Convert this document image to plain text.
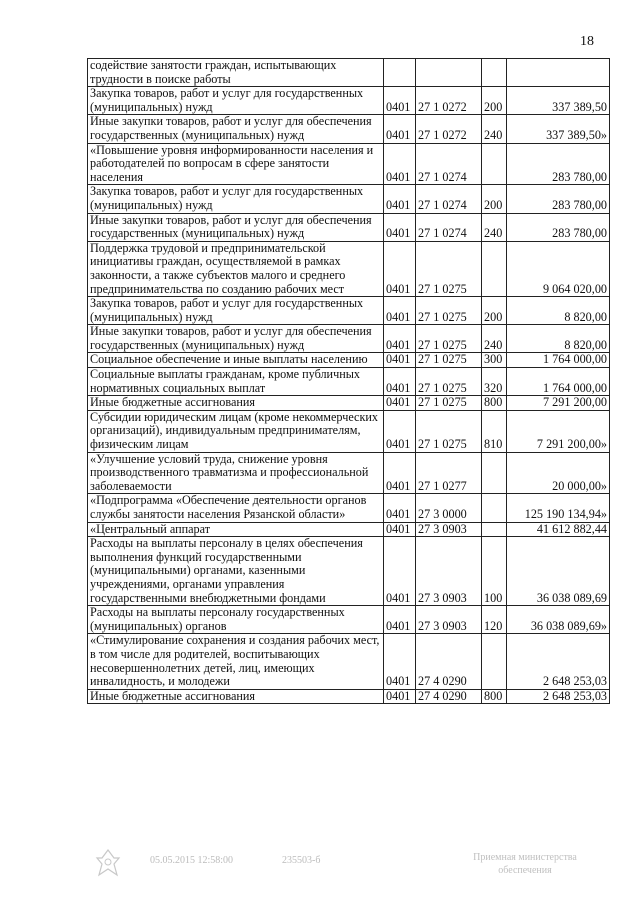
18
содействие занятости граждан, испытывающих трудности в поиске работы				
Закупка товаров, работ и услуг для государственных (муниципальных) нужд	0401	27 1 0272	200	337 389,50
Иные закупки товаров, работ и услуг для обеспечения государственных (муниципальных) нужд	0401	27 1 0272	240	337 389,50»
«Повышение уровня информированности населения и работодателей по вопросам в сфере занятости населения	0401	27 1 0274		283 780,00
Закупка товаров, работ и услуг для государственных (муниципальных) нужд	0401	27 1 0274	200	283 780,00
Иные закупки товаров, работ и услуг для обеспечения государственных (муниципальных) нужд	0401	27 1 0274	240	283 780,00
Поддержка трудовой и предпринимательской инициативы граждан, осуществляемой в рамках законности, а также субъектов малого и среднего предпринимательства по созданию рабочих мест	0401	27 1 0275		9 064 020,00
Закупка товаров, работ и услуг для государственных (муниципальных) нужд	0401	27 1 0275	200	8 820,00
Иные закупки товаров, работ и услуг для обеспечения государственных (муниципальных) нужд	0401	27 1 0275	240	8 820,00
Социальное обеспечение и иные выплаты населению	0401	27 1 0275	300	1 764 000,00
Социальные выплаты гражданам, кроме публичных нормативных социальных выплат	0401	27 1 0275	320	1 764 000,00
Иные бюджетные ассигнования	0401	27 1 0275	800	7 291 200,00
Субсидии юридическим лицам (кроме некоммерческих организаций), индивидуальным предпринимателям, физическим лицам	0401	27 1 0275	810	7 291 200,00»
«Улучшение условий труда, снижение уровня производственного травматизма и профессиональной заболеваемости	0401	27 1 0277		20 000,00»
«Подпрограмма «Обеспечение деятельности органов службы занятости населения Рязанской области»	0401	27 3 0000		125 190 134,94»
«Центральный аппарат	0401	27 3 0903		41 612 882,44
Расходы на выплаты персоналу в целях обеспечения выполнения функций государственными (муниципальными) органами, казенными учреждениями, органами управления государственными внебюджетными фондами	0401	27 3 0903	100	36 038 089,69
Расходы на выплаты персоналу государственных (муниципальных) органов	0401	27 3 0903	120	36 038 089,69»
«Стимулирование сохранения и создания рабочих мест, в том числе для родителей, воспитывающих несовершеннолетних детей, лиц, имеющих инвалидность, и молодежи	0401	27 4 0290		2 648 253,03
Иные бюджетные ассигнования	0401	27 4 0290	800	2 648 253,03
05.05.2015 12:58:00	235503-б	Приемная министерства
обеспечения
